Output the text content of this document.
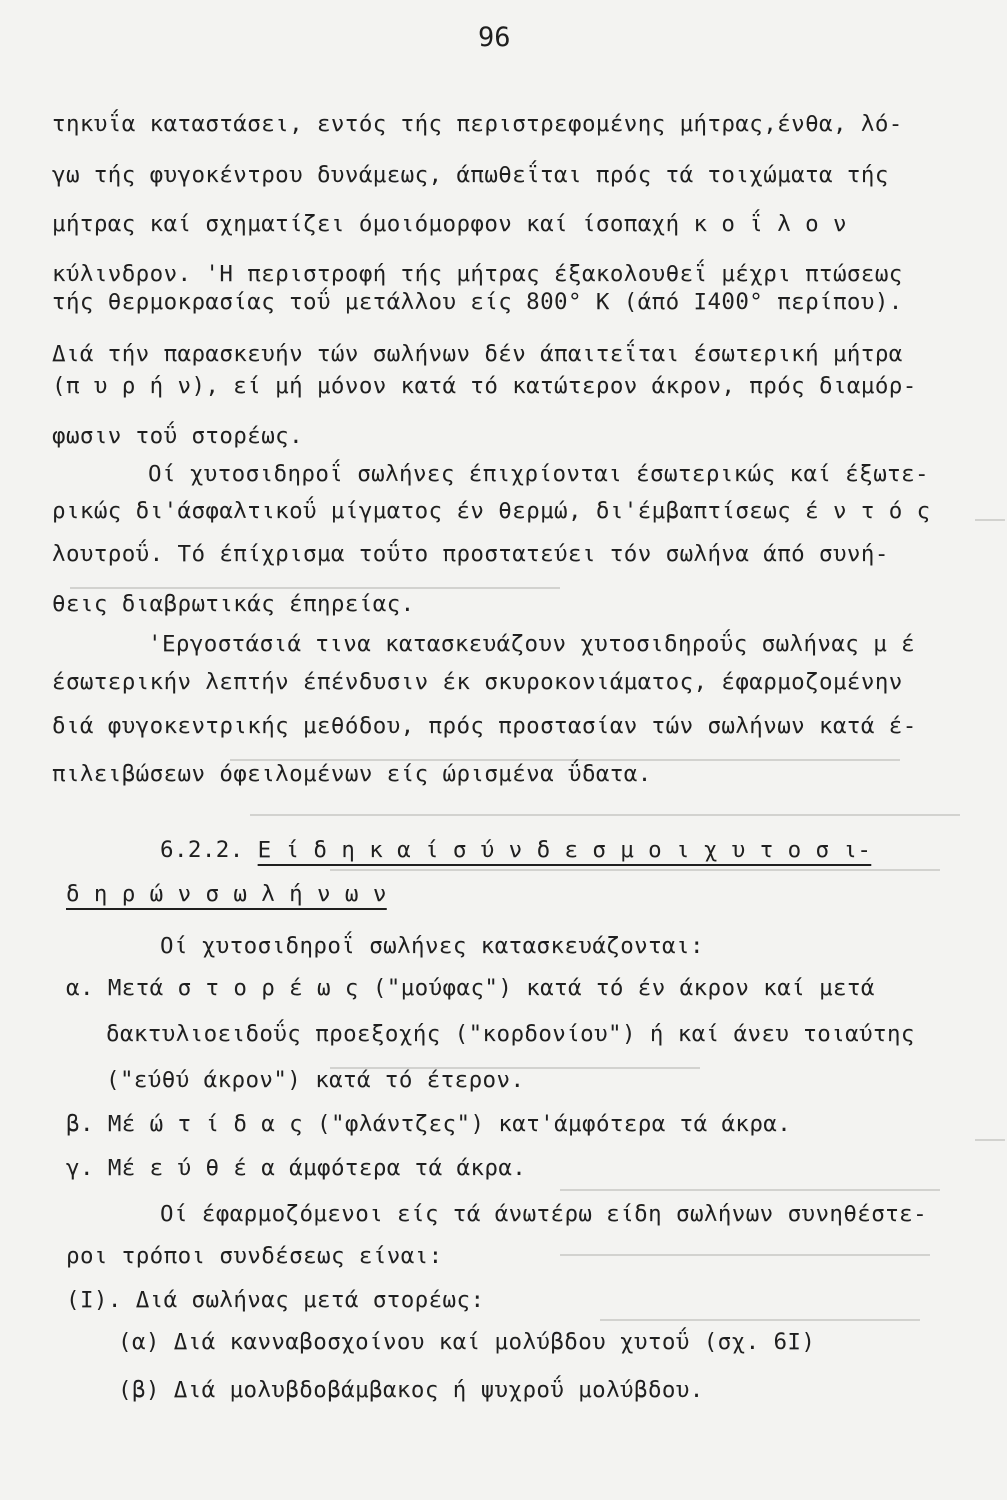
96
τηκυΐα καταστάσει, εντός τής περιστρεφομένης μήτρας,ένθα, λό-
γω τής φυγοκέντρου δυνάμεως, άπωθεΐται πρός τά τοιχώματα τής
μήτρας καί σχηματίζει όμοιόμορφον καί ίσοπαχή κ ο ΐ λ ο ν
κύλινδρον. 'Η περιστροφή τής μήτρας έξακολουθεΐ μέχρι πτώσεως
τής θερμοκρασίας τοΰ μετάλλου είς 800° Κ (άπό Ι400° περίπου).
Διά τήν παρασκευήν τών σωλήνων δέν άπαιτεΐται έσωτερική μήτρα
(π υ ρ ή ν), εί μή μόνον κατά τό κατώτερον άκρον, πρός διαμόρ-
φωσιν τοΰ στορέως.
Οί χυτοσιδηροΐ σωλήνες έπιχρίονται έσωτερικώς καί έξωτε-
ρικώς δι'άσφαλτικοΰ μίγματος έν θερμώ, δι'έμβαπτίσεως έ ν τ ό ς
λουτροΰ. Τό έπίχρισμα τοΰτο προστατεύει τόν σωλήνα άπό συνή-
θεις διαβρωτικάς έπηρείας.
'Εργοστάσιά τινα κατασκευάζουν χυτοσιδηροΰς σωλήνας μ έ
έσωτερικήν λεπτήν έπένδυσιν έκ σκυροκονιάματος, έφαρμοζομένην
διά φυγοκεντρικής μεθόδου, πρός προστασίαν τών σωλήνων κατά έ-
πιλειβώσεων όφειλομένων είς ώρισμένα ΰδατα.
6.2.2. Ε ί δ η κ α ί σ ύ ν δ ε σ μ ο ι χ υ τ ο σ ι-
δ η ρ ώ ν σ ω λ ή ν ω ν
Οί χυτοσιδηροΐ σωλήνες κατασκευάζονται:
α. Μετά σ τ ο ρ έ ω ς ("μούφας") κατά τό έν άκρον καί μετά
δακτυλιοειδοΰς προεξοχής ("κορδονίου") ή καί άνευ τοιαύτης
("εύθύ άκρον") κατά τό έτερον.
β. Μέ ώ τ ί δ α ς ("φλάντζες") κατ'άμφότερα τά άκρα.
γ. Μέ ε ύ θ έ α άμφότερα τά άκρα.
Οί έφαρμοζόμενοι είς τά άνωτέρω είδη σωλήνων συνηθέστε-
ροι τρόποι συνδέσεως είναι:
(Ι). Διά σωλήνας μετά στορέως:
(α) Διά κανναβοσχοίνου καί μολύβδου χυτοΰ (σχ. 6Ι)
(β) Διά μολυβδοβάμβακος ή ψυχροΰ μολύβδου.
